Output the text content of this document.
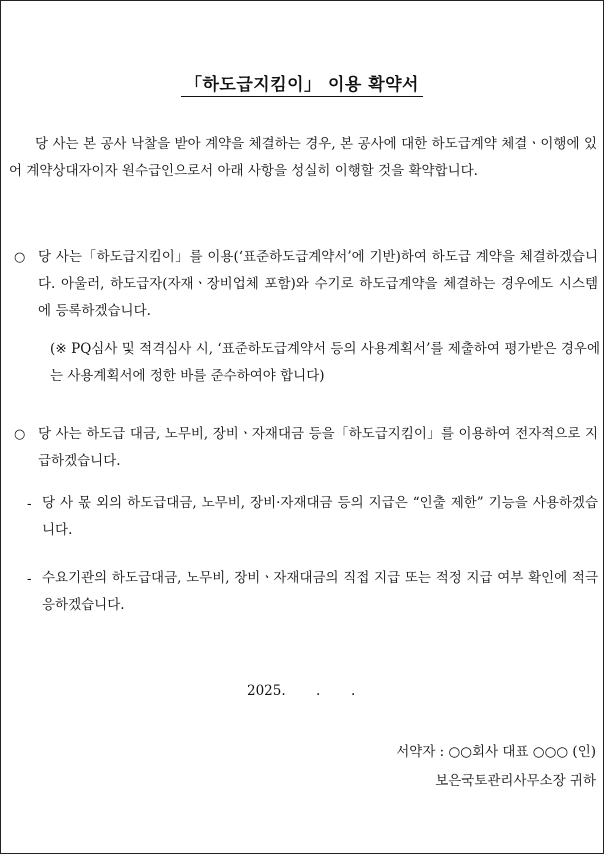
「하도급지킴이」 이용 확약서
당 사는 본 공사 낙찰을 받아 계약을 체결하는 경우, 본 공사에 대한 하도급계약 체결ㆍ이행에 있어 계약상대자이자 원수급인으로서 아래 사항을 성실히 이행할 것을 확약합니다.
○ 당 사는「하도급지킴이」를 이용(‘표준하도급계약서’에 기반)하여 하도급 계약을 체결하겠습니다. 아울러, 하도급자(자재ㆍ장비업체 포함)와 수기로 하도급계약을 체결하는 경우에도 시스템에 등록하겠습니다.
(※ PQ심사 및 적격심사 시, ‘표준하도급계약서 등의 사용계획서’를 제출하여 평가받은 경우에는 사용계획서에 정한 바를 준수하여야 합니다)
○ 당 사는 하도급 대금, 노무비, 장비ㆍ자재대금 등을「하도급지킴이」를 이용하여 전자적으로 지급하겠습니다.
- 당 사 몫 외의 하도급대금, 노무비, 장비·자재대금 등의 지급은 “인출 제한” 기능을 사용하겠습니다.
- 수요기관의 하도급대금, 노무비, 장비ㆍ자재대금의 직접 지급 또는 적정 지급 여부 확인에 적극 응하겠습니다.
2025. . .
서약자 : ○○회사 대표 ○○○ (인)
보은국토관리사무소장 귀하
